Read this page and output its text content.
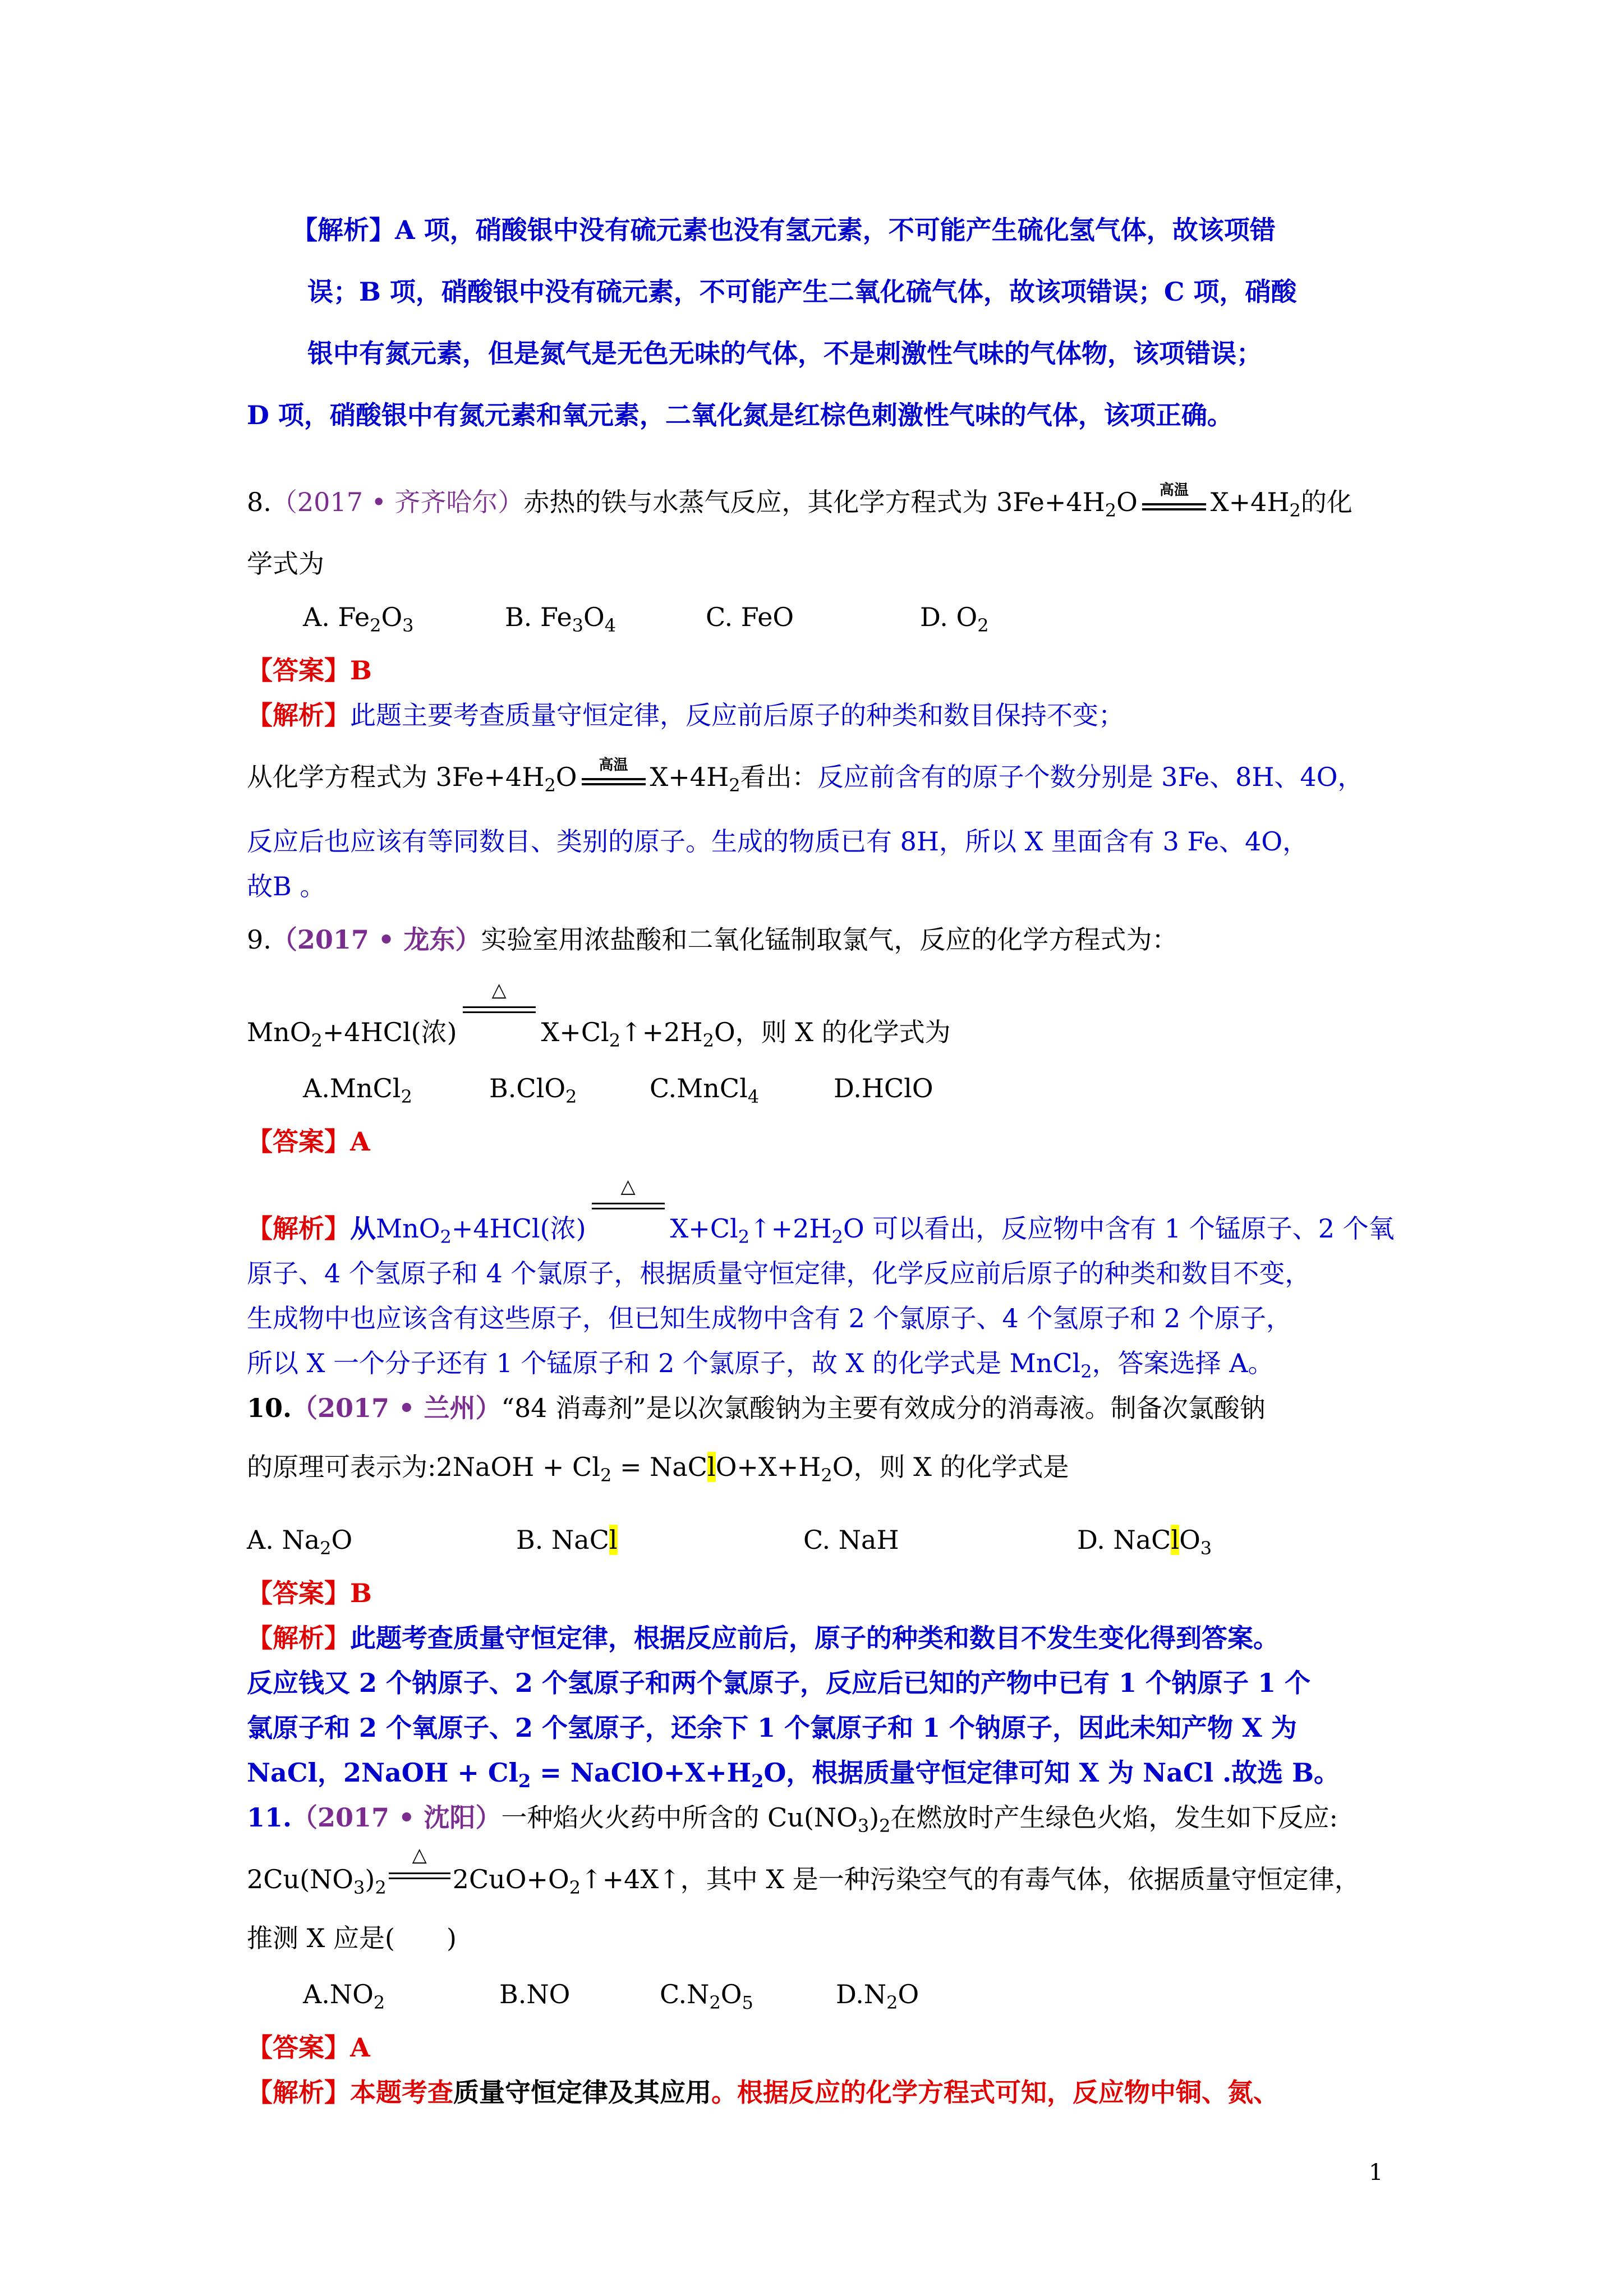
【解析】A 项，硝酸银中没有硫元素也没有氢元素，不可能产生硫化氢气体，故该项错
误；B 项，硝酸银中没有硫元素，不可能产生二氧化硫气体，故该项错误；C 项，硝酸
银中有氮元素，但是氮气是无色无味的气体，不是刺激性气味的气体物，该项错误；
D 项，硝酸银中有氮元素和氧元素，二氧化氮是红棕色刺激性气味的气体，该项正确。
8.（2017 • 齐齐哈尔）赤热的铁与水蒸气反应，其化学方程式为 $3Fe+4H_2O$	高温 $X+4H_2$的化
学式为
A. $Fe_2O_3$	B. $Fe_3O_4$	C. FeO	D. $O_2$
【答案】B
【解析】此题主要考查质量守恒定律，反应前后原子的种类和数目保持不变；
从化学方程式为 $3Fe+4H_2O$	高温 $X+4H_2$看出：反应前含有的原子个数分别是 3Fe、8H、4O，
反应后也应该有等同数目、类别的原子。生成的物质已有 8H，所以 X 里面含有 3 Fe、4O，
故B 。
9.（2017 • 龙东）实验室用浓盐酸和二氧化锰制取氯气，反应的化学方程式为：
MnO$_2$+4HCl(浓)
△
$X+Cl_2↑+2H_2O$，则 X 的化学式为
A.MnCl$_2$	B.ClO$_2$	C.MnCl$_4$	D.HClO
【答案】A
【解析】从MnO$_2$+4HCl(浓)
△
$X+Cl_2↑+2H_2O$ 可以看出，反应物中含有 1 个锰原子、2 个氧
原子、4 个氢原子和 4 个氯原子，根据质量守恒定律，化学反应前后原子的种类和数目不变，
生成物中也应该含有这些原子，但已知生成物中含有 2 个氯原子、4 个氢原子和 2 个原子，
所以 X 一个分子还有 1 个锰原子和 2 个氯原子，故 X 的化学式是 MnCl$_2$，答案选择 A。
10.（2017 • 兰州）“84 消毒剂”是以次氯酸钠为主要有效成分的消毒液。制备次氯酸钠
的原理可表示为:2NaOH + $Cl_2$ = $NaClO+X+H_2O$，则 X 的化学式是
A. $Na_2O$	B. NaCl	C. NaH	D. NaClO$_3$
【答案】B
【解析】此题考查质量守恒定律，根据反应前后，原子的种类和数目不发生变化得到答案。
反应钱又 2 个钠原子、2 个氢原子和两个氯原子，反应后已知的产物中已有 1 个钠原子 1 个
氯原子和 2 个氧原子、2 个氢原子，还余下 1 个氯原子和 1 个钠原子，因此未知产物 X 为
NaCl，2NaOH + $Cl_2$ = $NaClO+X+H_2O$，根据质量守恒定律可知 X 为 NaCl .故选 B。
11.（2017 • 沈阳）一种焰火火药中所含的 $Cu(NO_3)_2$在燃放时产生绿色火焰，发生如下反应:
$2Cu(NO_3)_2$
△
$2CuO+O_2↑+4X↑$，其中 X 是一种污染空气的有毒气体，依据质量守恒定律，
推测 X 应是(　　)
$A.NO_2$	B.NO	$C.N_2O_5$	$D.N_2O$
【答案】A
【解析】本题考查质量守恒定律及其应用。根据反应的化学方程式可知，反应物中铜、氮、
1
